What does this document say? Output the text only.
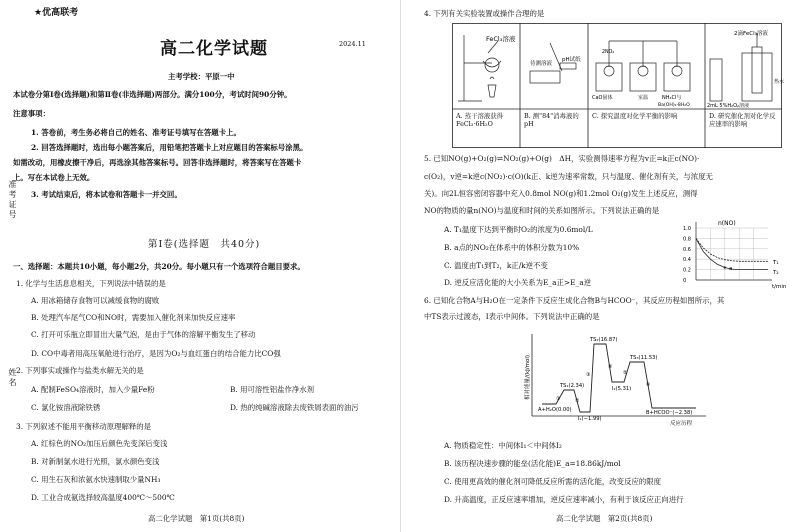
★优高联考
高二化学试题	2024.11
主考学校：平原一中
本试卷分第Ⅰ卷(选择题)和第Ⅱ卷(非选择题)两部分。满分100分，考试时间90分钟。
注意事项：
1. 答卷前，考生务必将自己的姓名、准考证号填写在答题卡上。
2. 回答选择题时，选出每小题答案后，用铅笔把答题卡上对应题目的答案标号涂黑。
如需改动，用橡皮擦干净后，再选涂其他答案标号。回答非选择题时，将答案写在答题卡
上。写在本试卷上无效。
3. 考试结束后，将本试卷和答题卡一并交回。
准考证号
姓名
第Ⅰ卷(选择题　共40分)
一、选择题：本题共10小题，每小题2分，共20分。每小题只有一个选项符合题目要求。
1. 化学与生活息息相关，下列说法中错误的是
A. 用冰箱储存食物可以减缓食物的腐败
B. 处理汽车尾气CO和NO时，需要加入催化剂来加快反应速率
C. 打开可乐瓶立即冒出大量气泡，是由于气体的溶解平衡发生了移动
D. CO中毒者用高压氧舱进行治疗，是因为O₂与血红蛋白的结合能力比CO强
2. 下列事实或操作与盐类水解无关的是
A. 配制FeSO₄溶液时，加入少量Fe粉	B. 用可溶性铝盐作净水剂
C. 氯化铵溶液除铁锈	D. 热的纯碱溶液除去废铁屑表面的油污
3. 下列叙述不能用平衡移动原理解释的是
A. 红棕色的NO₂加压后颜色先变深后变浅
B. 对新制氯水进行光照，氯水颜色变浅
C. 用生石灰和浓氨水快速制取少量NH₃
D. 工业合成氨选择较高温度400℃～500℃
高二化学试题　第1页(共8页)
4. 下列有关实验装置或操作合理的是
FeCl₃溶液
待测溶液
pH试纸
CaO固体	室温	NH₄Cl与
Ba(OH)₂·8H₂O
2NO₂
2滴FeCl₃溶液
热水
2mL 5%H₂O₂溶液
A. 蒸干溶液获得FeCl₃·6H₂O
B. 测"84"消毒液的pH
C. 探究温度对化学平衡的影响	D. 研究催化剂对化学反应速率的影响
5. 已知NO(g)+O₂(g)⇌NO₂(g)+O(g)　ΔH，实验测得速率方程为v正=k正c(NO)·
c(O₂)，v逆=k逆c(NO₂)·c(O)(k正、k逆为速率常数，只与温度、催化剂有关，与浓度无
关)。向2L恒容密闭容器中充入0.8mol NO(g)和1.2mol O₂(g)发生上述反应，测得
NO的物质的量n(NO)与温度和时间的关系如图所示。下列说法正确的是
A. T₁温度下达到平衡时O₂的浓度为0.6mol/L
B. a点的NO₂在体系中的体积分数为10%
C. 温度由T₁到T₂，k正/k逆不变
D. 逆反应活化能的大小关系为E_a正>E_a逆
1.0
0.8
0.6
0.4
0.2
0
n(NO)
t/min
T₁
T₂
a
6. 已知化合物A与H₂O在一定条件下反应生成化合物B与HCOO⁻，其反应历程如图所示，其
中TS表示过渡态，I表示中间体。下列说法中正确的是
相对能量/(kJ/mol)
反应历程
A+H₂O(0.00)
TS₁(2.34)
I₁(−1.99)
TS₂(16.87)
I₂(5.31)
TS₃(11.53)
B+HCOO⁻(−2.38)
①	②
③
④
⑤
⑥
A. 物质稳定性：中间体I₁＜中间体I₂
B. 该历程决速步骤的能垒(活化能)E_a=18.86kJ/mol
C. 使用更高效的催化剂可降低反应所需的活化能，改变反应的限度
D. 升高温度，正反应速率增加，逆反应速率减小，有利于该反应正向进行
高二化学试题　第2页(共8页)
